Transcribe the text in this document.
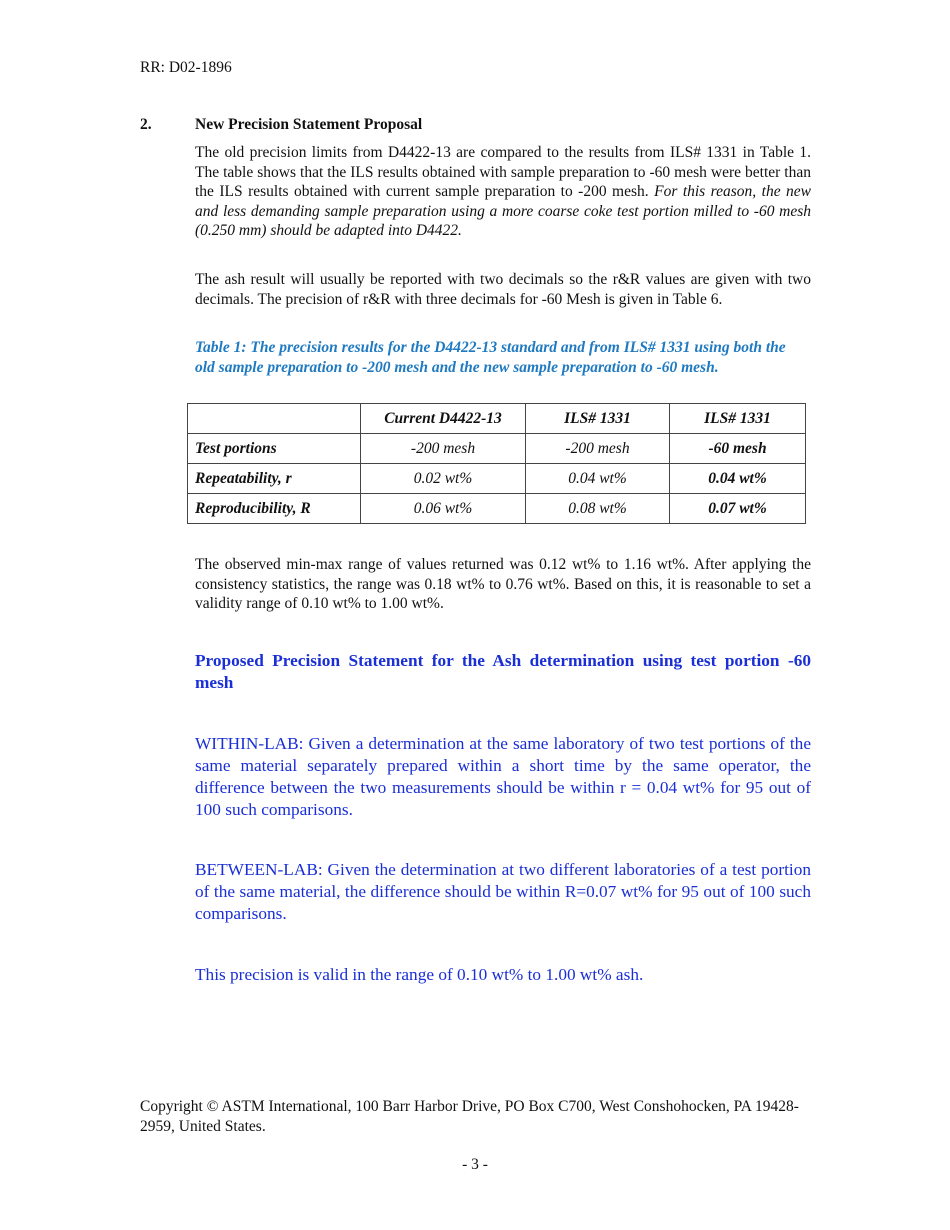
RR: D02-1896
2.	New Precision Statement Proposal
The old precision limits from D4422-13 are compared to the results from ILS# 1331 in Table 1. The table shows that the ILS results obtained with sample preparation to -60 mesh were better than the ILS results obtained with current sample preparation to -200 mesh. For this reason, the new and less demanding sample preparation using a more coarse coke test portion milled to -60 mesh (0.250 mm) should be adapted into D4422.
The ash result will usually be reported with two decimals so the r&R values are given with two decimals. The precision of r&R with three decimals for -60 Mesh is given in Table 6.
Table 1: The precision results for the D4422-13 standard and from ILS# 1331 using both the old sample preparation to -200 mesh and the new sample preparation to -60 mesh.
	Current D4422-13	ILS# 1331	ILS# 1331
Test portions	-200 mesh	-200 mesh	-60 mesh
Repeatability, r	0.02 wt%	0.04 wt%	0.04 wt%
Reproducibility, R	0.06 wt%	0.08 wt%	0.07 wt%
The observed min-max range of values returned was 0.12 wt% to 1.16 wt%. After applying the consistency statistics, the range was 0.18 wt% to 0.76 wt%. Based on this, it is reasonable to set a validity range of 0.10 wt% to 1.00 wt%.
Proposed Precision Statement for the Ash determination using test portion -60 mesh
WITHIN-LAB: Given a determination at the same laboratory of two test portions of the same material separately prepared within a short time by the same operator, the difference between the two measurements should be within r = 0.04 wt% for 95 out of 100 such comparisons.
BETWEEN-LAB: Given the determination at two different laboratories of a test portion of the same material, the difference should be within R=0.07 wt% for 95 out of 100 such comparisons.
This precision is valid in the range of 0.10 wt% to 1.00 wt% ash.
Copyright © ASTM International, 100 Barr Harbor Drive, PO Box C700, West Conshohocken, PA 19428-2959, United States.
- 3 -
